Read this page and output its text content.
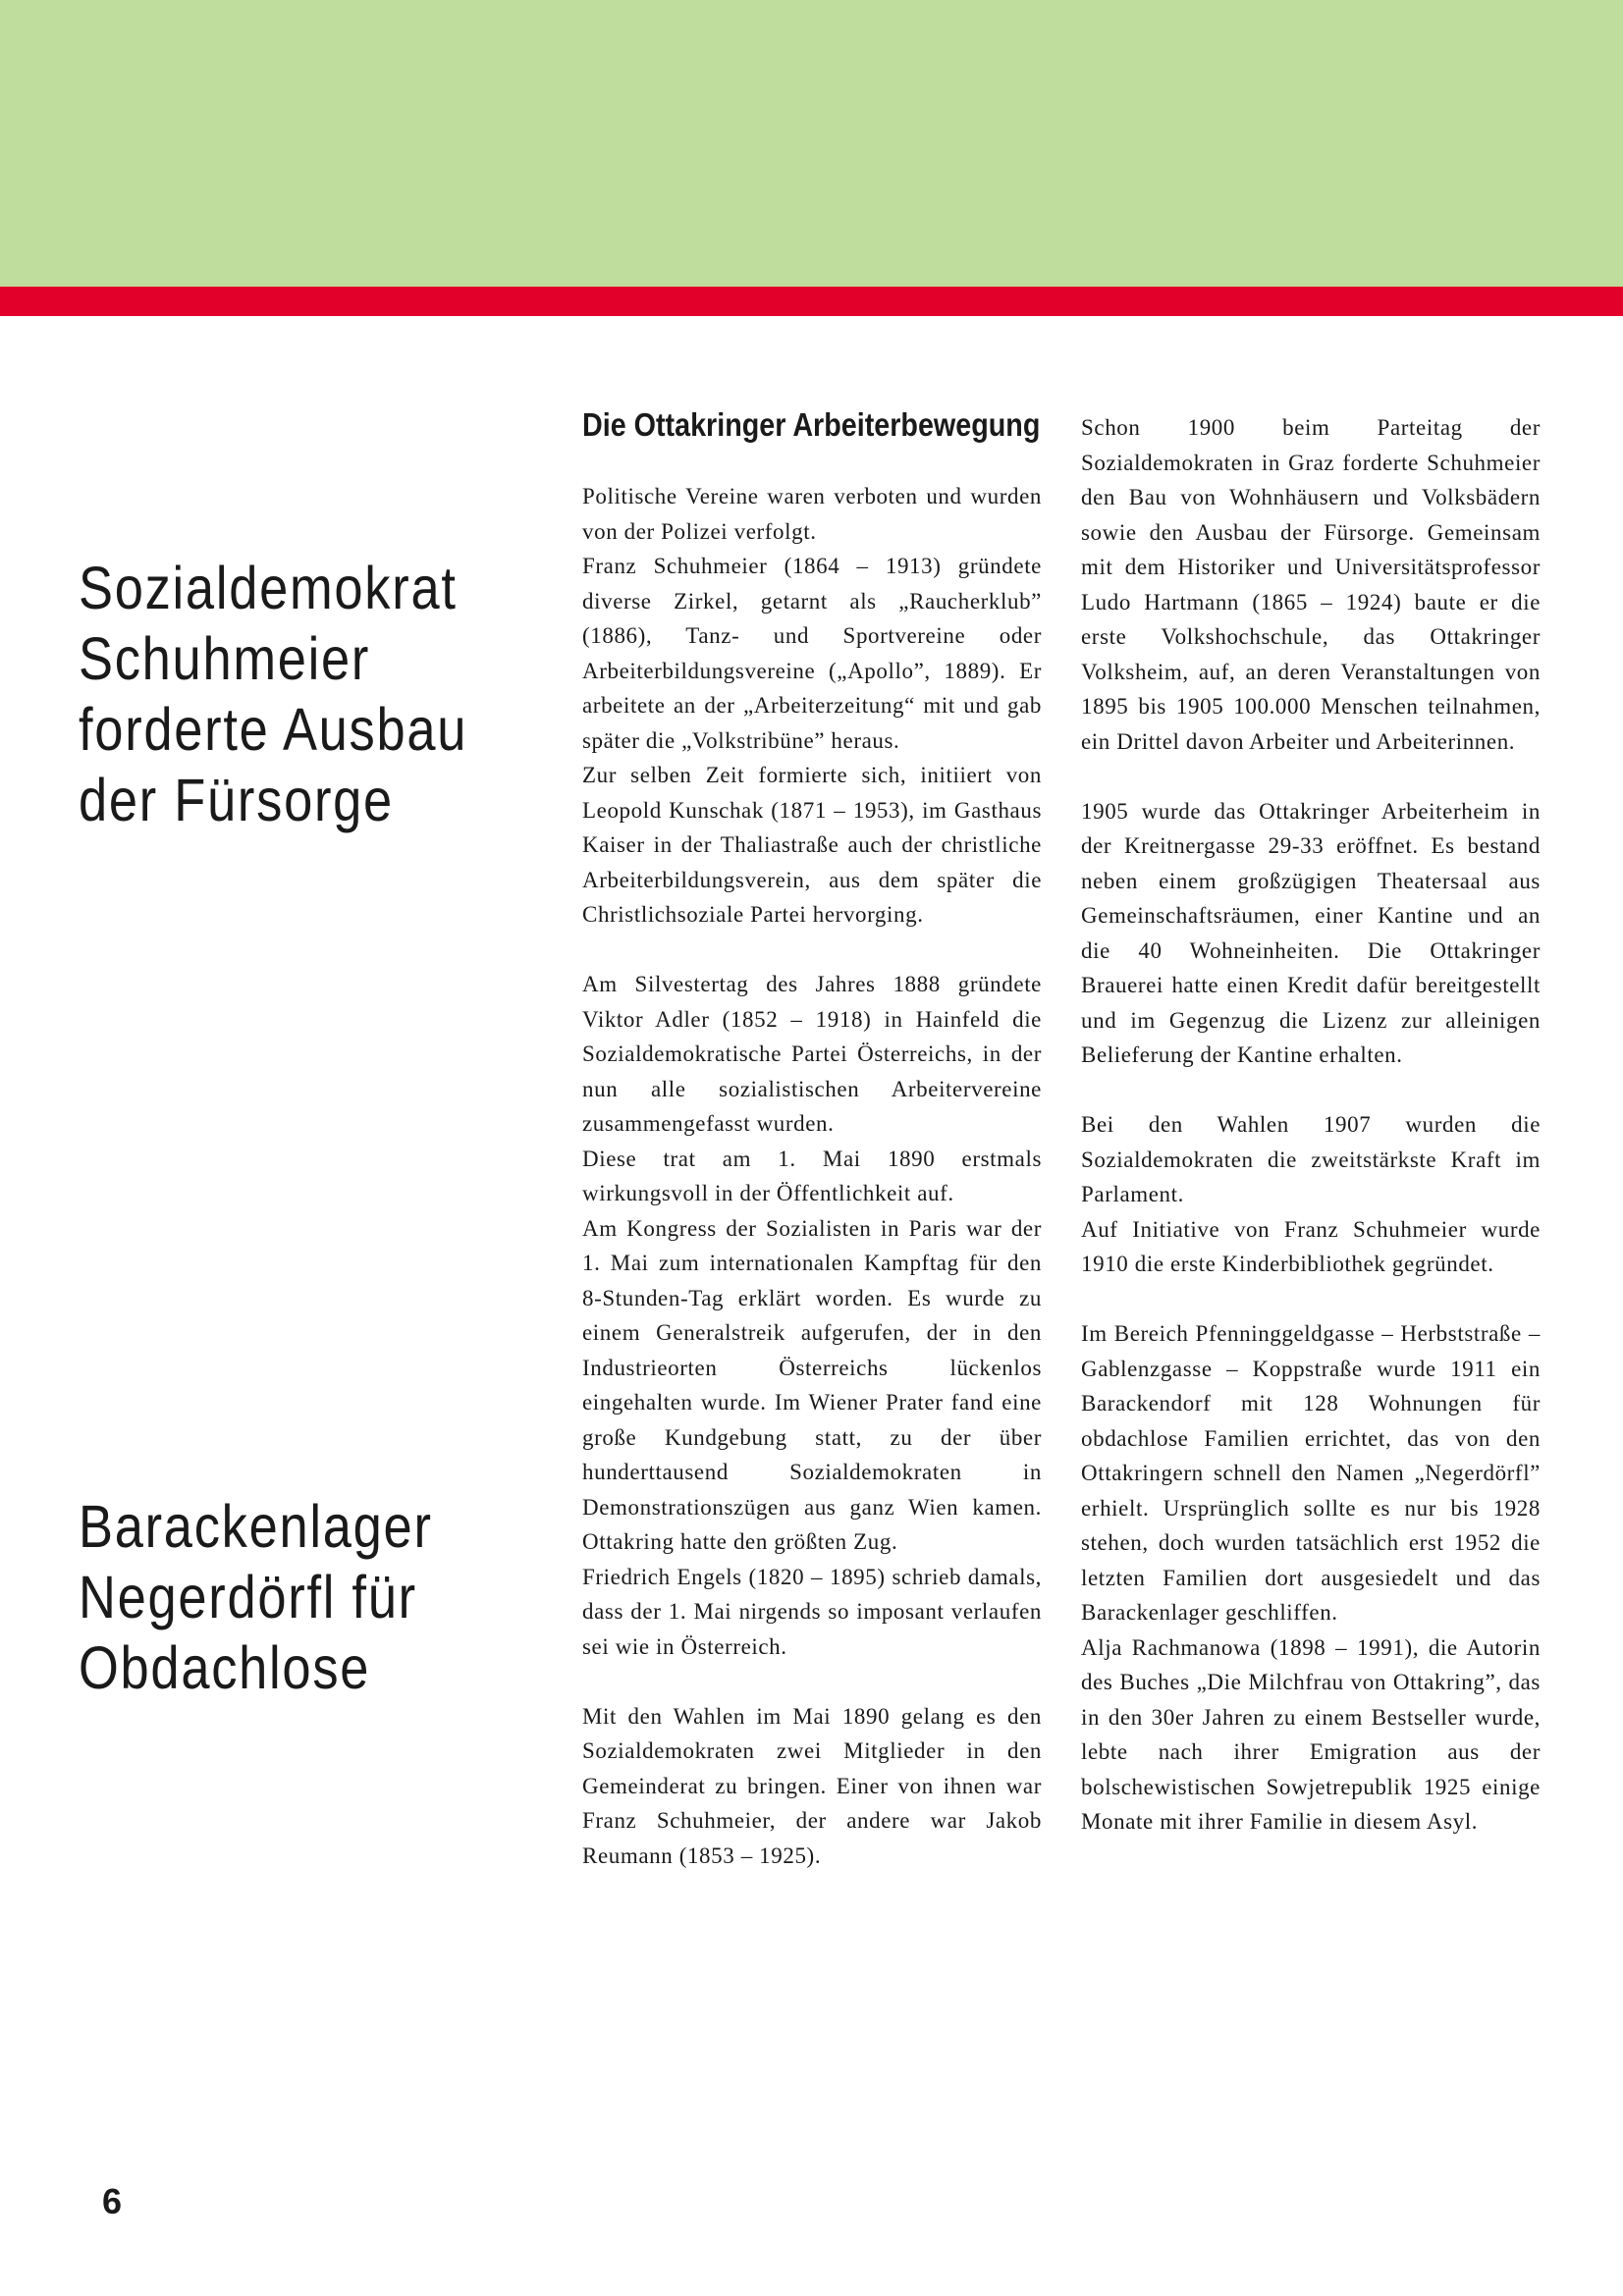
Sozialdemokrat
Schuhmeier
forderte Ausbau
der Fürsorge
Barackenlager
Negerdörfl für
Obdachlose
Die Ottakringer Arbeiterbewegung

Politische Vereine waren verboten und wurden von der Polizei verfolgt.

Franz Schuhmeier (1864 – 1913) gründete diverse Zirkel, getarnt als „Raucherklub” (1886), Tanz- und Sportvereine oder Arbeiterbildungsvereine („Apollo”, 1889). Er arbeitete an der „Arbeiterzeitung“ mit und gab später die „Volkstribüne” heraus.

Zur selben Zeit formierte sich, initiiert von Leopold Kunschak (1871 – 1953), im Gasthaus Kaiser in der Thaliastraße auch der christliche Arbeiterbildungsverein, aus dem später die Christlichsoziale Partei hervorging.

Am Silvestertag des Jahres 1888 gründete Viktor Adler (1852 – 1918) in Hainfeld die Sozialdemokratische Partei Österreichs, in der nun alle sozialistischen Arbeitervereine zusammengefasst wurden.

Diese trat am 1. Mai 1890 erstmals wirkungsvoll in der Öffentlichkeit auf.

Am Kongress der Sozialisten in Paris war der 1. Mai zum internationalen Kampftag für den 8-Stunden-Tag erklärt worden. Es wurde zu einem Generalstreik aufgerufen, der in den Industrieorten Österreichs lückenlos eingehalten wurde. Im Wiener Prater fand eine große Kundgebung statt, zu der über hunderttausend Sozialdemokraten in Demonstrationszügen aus ganz Wien kamen. Ottakring hatte den größten Zug.

Friedrich Engels (1820 – 1895) schrieb damals, dass der 1. Mai nirgends so imposant verlaufen sei wie in Österreich.

Mit den Wahlen im Mai 1890 gelang es den Sozialdemokraten zwei Mitglieder in den Gemeinderat zu bringen. Einer von ihnen war Franz Schuhmeier, der andere war Jakob Reumann (1853 – 1925).

Schon 1900 beim Parteitag der Sozialdemokraten in Graz forderte Schuhmeier den Bau von Wohnhäusern und Volksbädern sowie den Ausbau der Fürsorge. Gemeinsam mit dem Historiker und Universitätsprofessor Ludo Hartmann (1865 – 1924) baute er die erste Volkshochschule, das Ottakringer Volksheim, auf, an deren Veranstaltungen von 1895 bis 1905 100.000 Menschen teilnahmen, ein Drittel davon Arbeiter und Arbeiterinnen.

1905 wurde das Ottakringer Arbeiterheim in der Kreitnergasse 29-33 eröffnet. Es bestand neben einem großzügigen Theatersaal aus Gemeinschaftsräumen, einer Kantine und an die 40 Wohneinheiten. Die Ottakringer Brauerei hatte einen Kredit dafür bereitgestellt und im Gegenzug die Lizenz zur alleinigen Belieferung der Kantine erhalten.

Bei den Wahlen 1907 wurden die Sozialdemokraten die zweitstärkste Kraft im Parlament.

Auf Initiative von Franz Schuhmeier wurde 1910 die erste Kinderbibliothek gegründet.

Im Bereich Pfenninggeldgasse – Herbststraße – Gablenzgasse – Koppstraße wurde 1911 ein Barackendorf mit 128 Wohnungen für obdachlose Familien errichtet, das von den Ottakringern schnell den Namen „Negerdörfl” erhielt. Ursprünglich sollte es nur bis 1928 stehen, doch wurden tatsächlich erst 1952 die letzten Familien dort ausgesiedelt und das Barackenlager geschliffen.

Alja Rachmanowa (1898 – 1991), die Autorin des Buches „Die Milchfrau von Ottakring”, das in den 30er Jahren zu einem Bestseller wurde, lebte nach ihrer Emigration aus der bolschewistischen Sowjetrepublik 1925 einige Monate mit ihrer Familie in diesem Asyl.

6
